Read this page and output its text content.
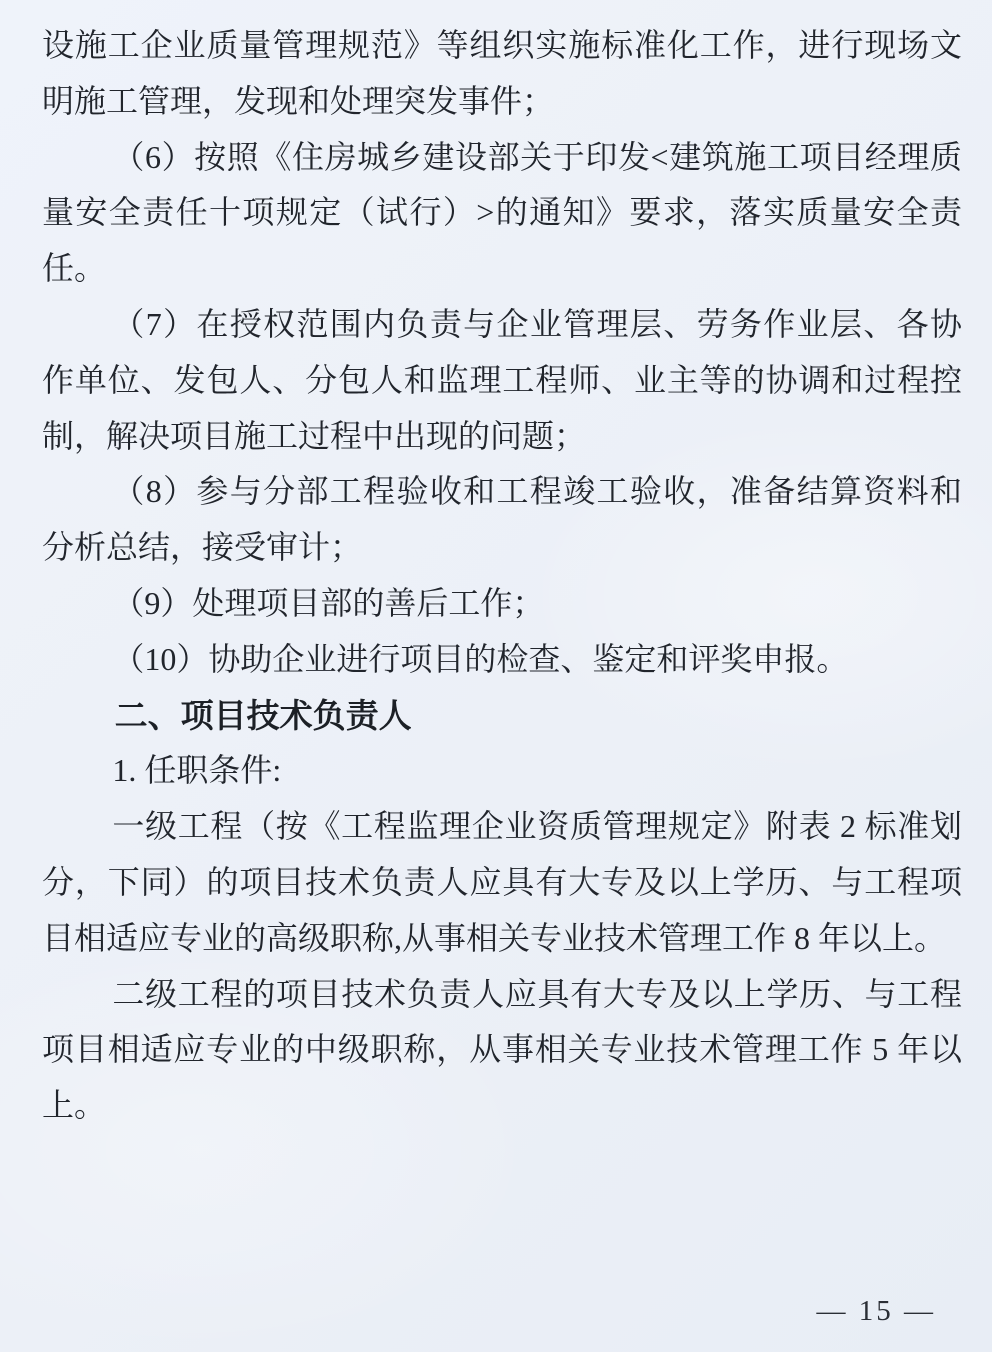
设施工企业质量管理规范》等组织实施标准化工作，进行现场文
明施工管理，发现和处理突发事件；
（6）按照《住房城乡建设部关于印发<建筑施工项目经理质
量安全责任十项规定（试行）>的通知》要求，落实质量安全责
任。
（7）在授权范围内负责与企业管理层、劳务作业层、各协
作单位、发包人、分包人和监理工程师、业主等的协调和过程控
制，解决项目施工过程中出现的问题；
（8）参与分部工程验收和工程竣工验收，准备结算资料和
分析总结，接受审计；
（9）处理项目部的善后工作；
（10）协助企业进行项目的检查、鉴定和评奖申报。
二、项目技术负责人
1. 任职条件:
一级工程（按《工程监理企业资质管理规定》附表 2 标准划
分，下同）的项目技术负责人应具有大专及以上学历、与工程项
目相适应专业的高级职称,从事相关专业技术管理工作 8 年以上。
二级工程的项目技术负责人应具有大专及以上学历、与工程
项目相适应专业的中级职称，从事相关专业技术管理工作 5 年以
上。
— 15 —
